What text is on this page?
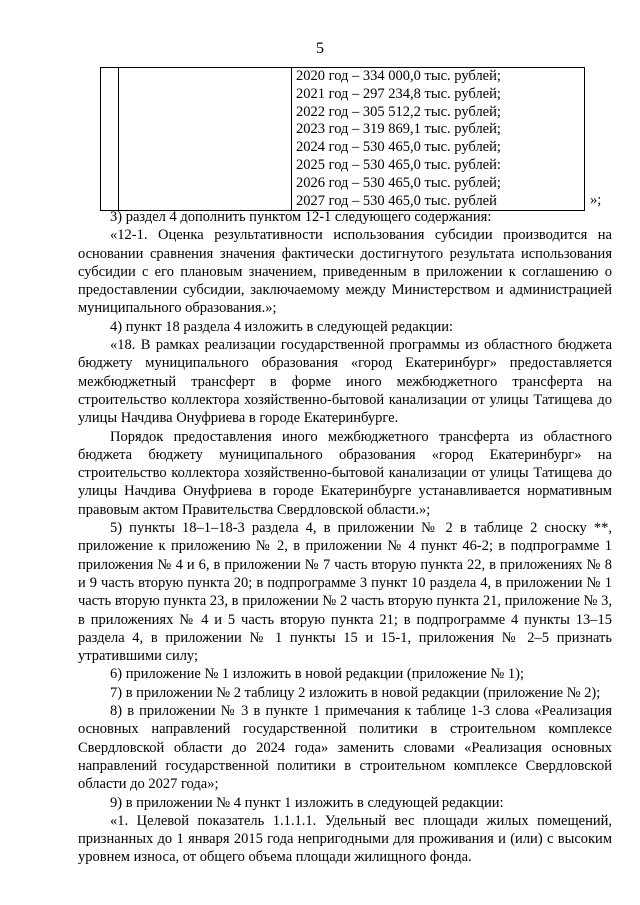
5

2020 год – 334 000,0 тыс. рублей;
2021 год – 297 234,8 тыс. рублей;
2022 год – 305 512,2 тыс. рублей;
2023 год – 319 869,1 тыс. рублей;
2024 год – 530 465,0 тыс. рублей;
2025 год – 530 465,0 тыс. рублей:
2026 год – 530 465,0 тыс. рублей;
2027 год – 530 465,0 тыс. рублей	»;

3) раздел 4 дополнить пунктом 12-1 следующего содержания:

«12-1. Оценка результативности использования субсидии производится на основании сравнения значения фактически достигнутого результата использования субсидии с его плановым значением, приведенным в приложении к соглашению о предоставлении субсидии, заключаемому между Министерством и администрацией муниципального образования.»;

4) пункт 18 раздела 4 изложить в следующей редакции:

«18. В рамках реализации государственной программы из областного бюджета бюджету муниципального образования «город Екатеринбург» предоставляется межбюджетный трансферт в форме иного межбюджетного трансферта на строительство коллектора хозяйственно-бытовой канализации от улицы Татищева до улицы Начдива Онуфриева в городе Екатеринбурге.

Порядок предоставления иного межбюджетного трансферта из областного бюджета бюджету муниципального образования «город Екатеринбург» на строительство коллектора хозяйственно-бытовой канализации от улицы Татищева до улицы Начдива Онуфриева в городе Екатеринбурге устанавливается нормативным правовым актом Правительства Свердловской области.»;

5) пункты 18–1–18-3 раздела 4, в приложении № 2 в таблице 2 сноску **, приложение к приложению № 2, в приложении № 4 пункт 46-2; в подпрограмме 1 приложения № 4 и 6, в приложении № 7 часть вторую пункта 22, в приложениях № 8 и 9 часть вторую пункта 20; в подпрограмме 3 пункт 10 раздела 4, в приложении № 1 часть вторую пункта 23, в приложении № 2 часть вторую пункта 21, приложение № 3, в приложениях № 4 и 5 часть вторую пункта 21; в подпрограмме 4 пункты 13–15 раздела 4, в приложении № 1 пункты 15 и 15-1, приложения № 2–5 признать утратившими силу;

6) приложение № 1 изложить в новой редакции (приложение № 1);

7) в приложении № 2 таблицу 2 изложить в новой редакции (приложение № 2);

8) в приложении № 3 в пункте 1 примечания к таблице 1-3 слова «Реализация основных направлений государственной политики в строительном комплексе Свердловской области до 2024 года» заменить словами «Реализация основных направлений государственной политики в строительном комплексе Свердловской области до 2027 года»;

9) в приложении № 4 пункт 1 изложить в следующей редакции:

«1. Целевой показатель 1.1.1.1. Удельный вес площади жилых помещений, признанных до 1 января 2015 года непригодными для проживания и (или) с высоким уровнем износа, от общего объема площади жилищного фонда.
